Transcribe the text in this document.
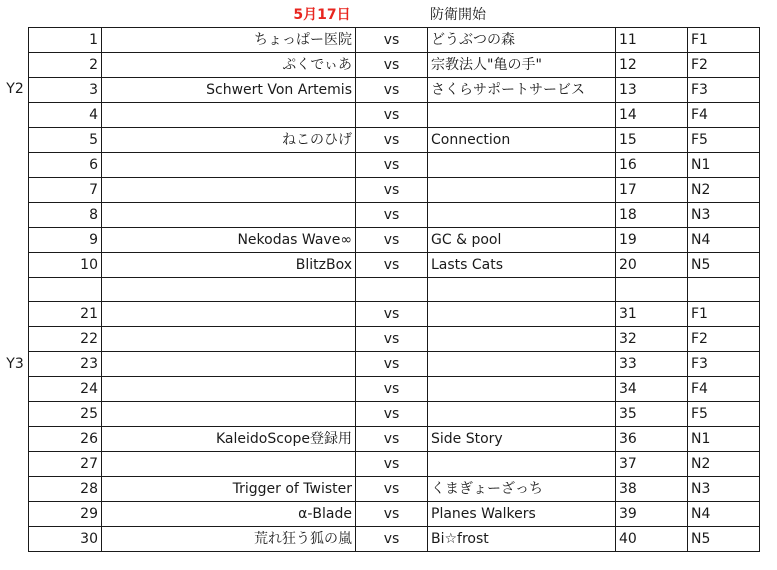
5月17日	防衛開始
Y2
Y3
1	ちょっぱー医院	vs	どうぶつの森	11	F1
2	ぷくでぃあ	vs	宗教法人"亀の手"	12	F2
3	Schwert Von Artemis	vs	さくらサポートサービス	13	F3
4		vs		14	F4
5	ねこのひげ	vs	Connection	15	F5
6		vs		16	N1
7		vs		17	N2
8		vs		18	N3
9	Nekodas Wave∞	vs	GC & pool	19	N4
10	BlitzBox	vs	Lasts Cats	20	N5

21		vs		31	F1
22		vs		32	F2
23		vs		33	F3
24		vs		34	F4
25		vs		35	F5
26	KaleidoScope登録用	vs	Side Story	36	N1
27		vs		37	N2
28	Trigger of Twister	vs	くまぎょーざっち	38	N3
29	α-Blade	vs	Planes Walkers	39	N4
30	荒れ狂う狐の嵐	vs	Bi☆frost	40	N5
